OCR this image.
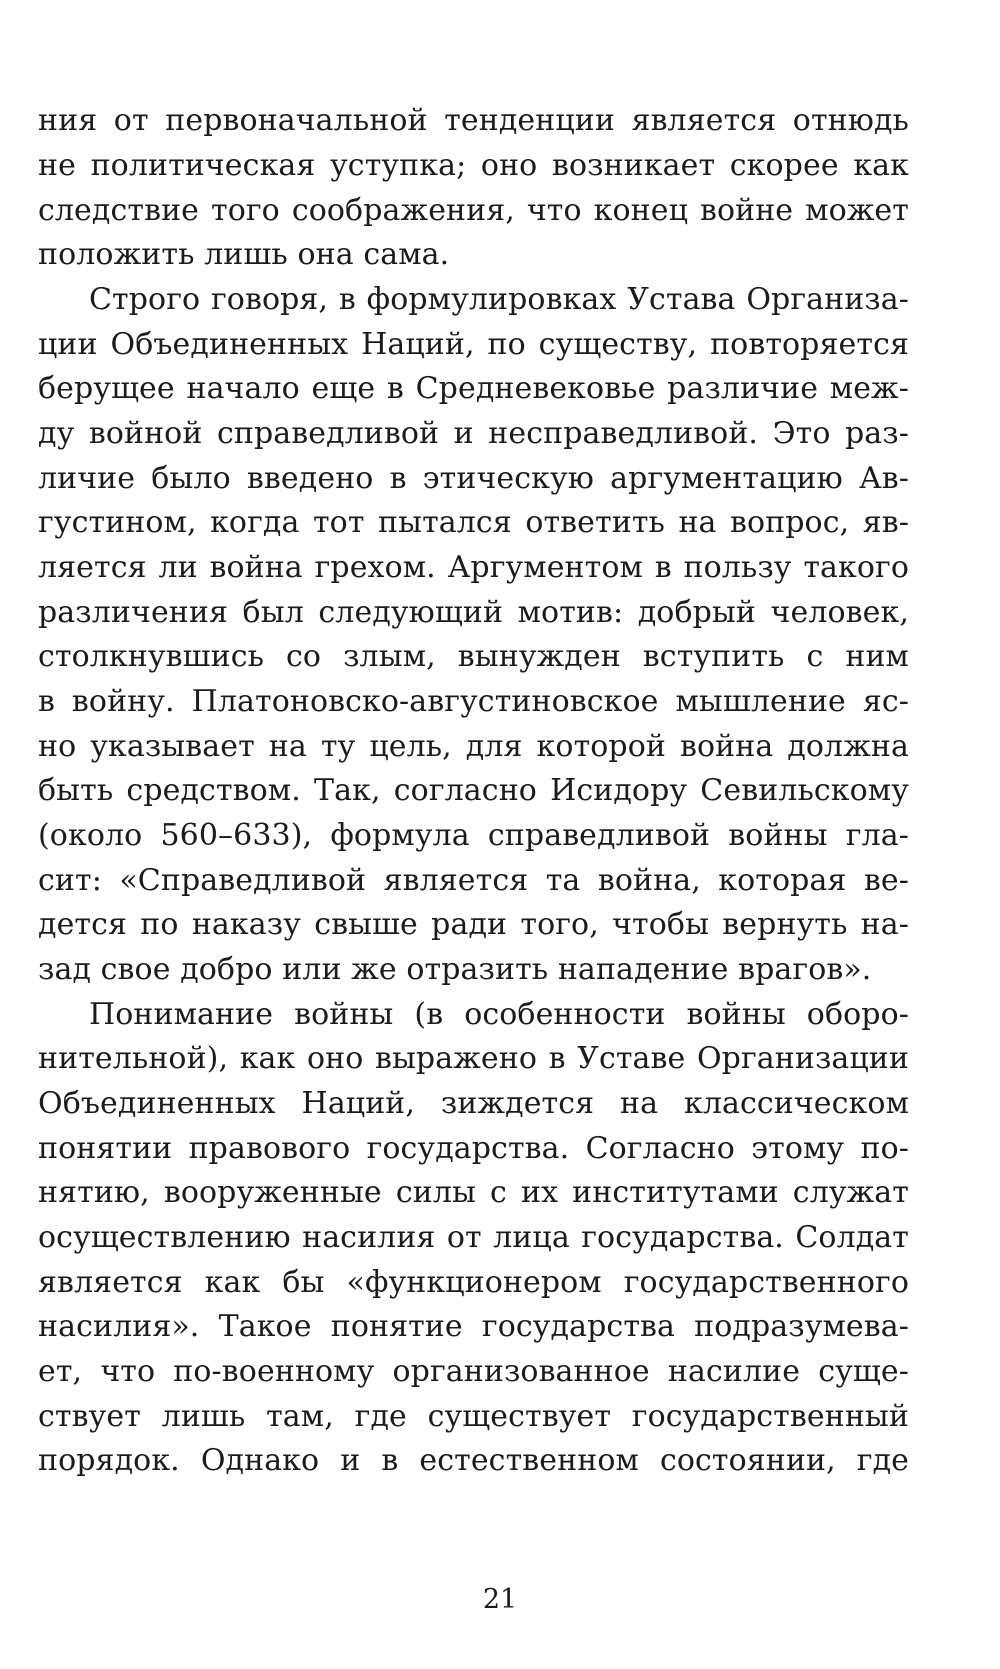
ния от первоначальной тенденции является отнюдь
не политическая уступка; оно возникает скорее как
следствие того соображения, что конец войне может
положить лишь она сама.
Строго говоря, в формулировках Устава Организа-
ции Объединенных Наций, по существу, повторяется
берущее начало еще в Средневековье различие меж-
ду войной справедливой и несправедливой. Это раз-
личие было введено в этическую аргументацию Ав-
густином, когда тот пытался ответить на вопрос, яв-
ляется ли война грехом. Аргументом в пользу такого
различения был следующий мотив: добрый человек,
столкнувшись со злым, вынужден вступить с ним
в войну. Платоновско-августиновское мышление яс-
но указывает на ту цель, для которой война должна
быть средством. Так, согласно Исидору Севильскому
(около 560–633), формула справедливой войны гла-
сит: «Справедливой является та война, которая ве-
дется по наказу свыше ради того, чтобы вернуть на-
зад свое добро или же отразить нападение врагов».
Понимание войны (в особенности войны оборо-
нительной), как оно выражено в Уставе Организации
Объединенных Наций, зиждется на классическом
понятии правового государства. Согласно этому по-
нятию, вооруженные силы с их институтами служат
осуществлению насилия от лица государства. Солдат
является как бы «функционером государственного
насилия». Такое понятие государства подразумева-
ет, что по-военному организованное насилие суще-
ствует лишь там, где существует государственный
порядок. Однако и в естественном состоянии, где
21
